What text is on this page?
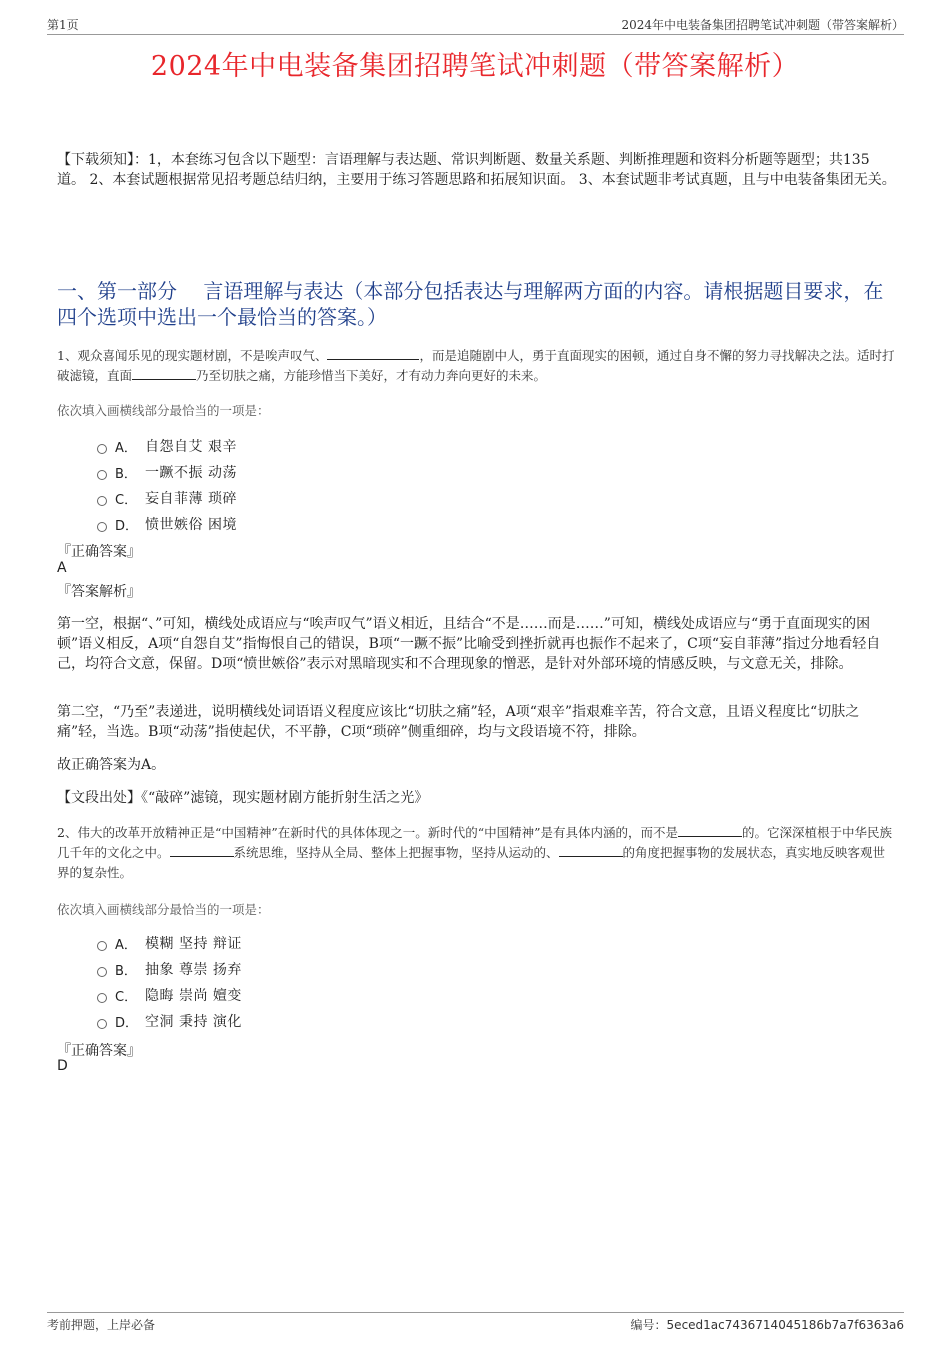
第1页	2024年中电装备集团招聘笔试冲刺题（带答案解析）
2024年中电装备集团招聘笔试冲刺题（带答案解析）
【下载须知】：1，本套练习包含以下题型：言语理解与表达题、常识判断题、数量关系题、判断推理题和资料分析题等题型；共135道。 2、本套试题根据常见招考题总结归纳，主要用于练习答题思路和拓展知识面。 3、本套试题非考试真题，且与中电装备集团无关。
一、第一部分　 言语理解与表达（本部分包括表达与理解两方面的内容。请根据题目要求，在四个选项中选出一个最恰当的答案。）
1、观众喜闻乐见的现实题材剧，不是唉声叹气、	，而是追随剧中人，勇于直面现实的困顿，通过自身不懈的努力寻找解决之法。适时打破滤镜，直面	乃至切肤之痛，方能珍惜当下美好，才有动力奔向更好的未来。
依次填入画横线部分最恰当的一项是：
A． 自怨自艾 艰辛
B． 一蹶不振 动荡
C． 妄自菲薄 琐碎
D． 愤世嫉俗 困境
『正确答案』
A
『答案解析』
第一空，根据“、”可知，横线处成语应与“唉声叹气”语义相近，且结合“不是……而是……”可知，横线处成语应与“勇于直面现实的困顿”语义相反，A项“自怨自艾”指悔恨自己的错误，B项“一蹶不振”比喻受到挫折就再也振作不起来了，C项“妄自菲薄”指过分地看轻自己，均符合文意，保留。D项“愤世嫉俗”表示对黑暗现实和不合理现象的憎恶，是针对外部环境的情感反映，与文意无关，排除。
第二空，“乃至”表递进，说明横线处词语语义程度应该比“切肤之痛”轻，A项“艰辛”指艰难辛苦，符合文意，且语义程度比“切肤之痛”轻，当选。B项“动荡”指使起伏，不平静，C项“琐碎”侧重细碎，均与文段语境不符，排除。
故正确答案为A。
【文段出处】《“敲碎”滤镜，现实题材剧方能折射生活之光》
2、伟大的改革开放精神正是“中国精神”在新时代的具体体现之一。新时代的“中国精神”是有具体内涵的，而不是	的。它深深植根于中华民族几千年的文化之中。	系统思维，坚持从全局、整体上把握事物，坚持从运动的、	的角度把握事物的发展状态，真实地反映客观世界的复杂性。
依次填入画横线部分最恰当的一项是：
A． 模糊 坚持 辩证
B． 抽象 尊崇 扬弃
C． 隐晦 崇尚 嬗变
D． 空洞 秉持 演化
『正确答案』
D
考前押题，上岸必备	编号：5eced1ac7436714045186b7a7f6363a6
